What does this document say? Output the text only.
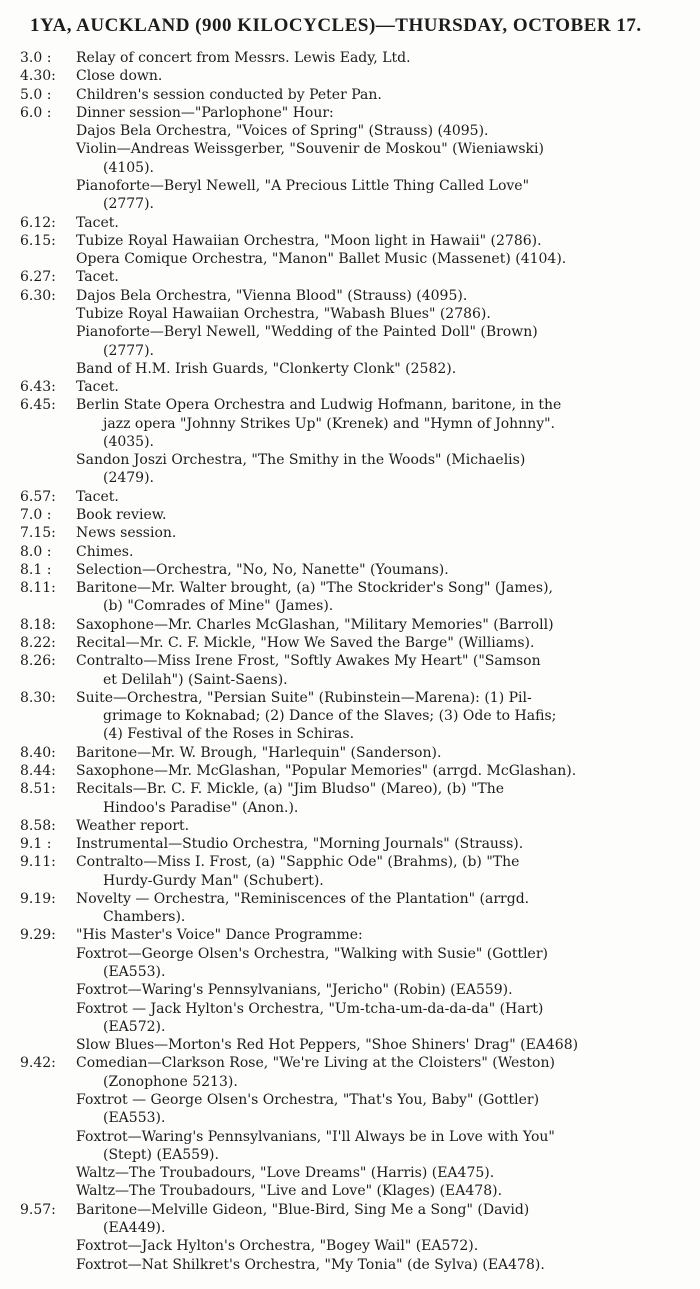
1YA, AUCKLAND (900 KILOCYCLES)—THURSDAY, OCTOBER 17.
3.0 :	Relay of concert from Messrs. Lewis Eady, Ltd.
4.30:	Close down.
5.0 :	Children's session conducted by Peter Pan.
6.0 :	Dinner session—"Parlophone" Hour:
Dajos Bela Orchestra, "Voices of Spring" (Strauss) (4095).
Violin—Andreas Weissgerber, "Souvenir de Moskou" (Wieniawski)
(4105).
Pianoforte—Beryl Newell, "A Precious Little Thing Called Love"
(2777).
6.12:	Tacet.
6.15:	Tubize Royal Hawaiian Orchestra, "Moon light in Hawaii" (2786).
Opera Comique Orchestra, "Manon" Ballet Music (Massenet) (4104).
6.27:	Tacet.
6.30:	Dajos Bela Orchestra, "Vienna Blood" (Strauss) (4095).
Tubize Royal Hawaiian Orchestra, "Wabash Blues" (2786).
Pianoforte—Beryl Newell, "Wedding of the Painted Doll" (Brown)
(2777).
Band of H.M. Irish Guards, "Clonkerty Clonk" (2582).
6.43:	Tacet.
6.45:	Berlin State Opera Orchestra and Ludwig Hofmann, baritone, in the
jazz opera "Johnny Strikes Up" (Krenek) and "Hymn of Johnny".
(4035).
Sandon Joszi Orchestra, "The Smithy in the Woods" (Michaelis)
(2479).
6.57:	Tacet.
7.0 :	Book review.
7.15:	News session.
8.0 :	Chimes.
8.1 :	Selection—Orchestra, "No, No, Nanette" (Youmans).
8.11:	Baritone—Mr. Walter brought, (a) "The Stockrider's Song" (James),
(b) "Comrades of Mine" (James).
8.18:	Saxophone—Mr. Charles McGlashan, "Military Memories" (Barroll)
8.22:	Recital—Mr. C. F. Mickle, "How We Saved the Barge" (Williams).
8.26:	Contralto—Miss Irene Frost, "Softly Awakes My Heart" ("Samson
et Delilah") (Saint-Saens).
8.30:	Suite—Orchestra, "Persian Suite" (Rubinstein—Marena): (1) Pil-
grimage to Koknabad; (2) Dance of the Slaves; (3) Ode to Hafis;
(4) Festival of the Roses in Schiras.
8.40:	Baritone—Mr. W. Brough, "Harlequin" (Sanderson).
8.44:	Saxophone—Mr. McGlashan, "Popular Memories" (arrgd. McGlashan).
8.51:	Recitals—Br. C. F. Mickle, (a) "Jim Bludso" (Mareo), (b) "The
Hindoo's Paradise" (Anon.).
8.58:	Weather report.
9.1 :	Instrumental—Studio Orchestra, "Morning Journals" (Strauss).
9.11:	Contralto—Miss I. Frost, (a) "Sapphic Ode" (Brahms), (b) "The
Hurdy-Gurdy Man" (Schubert).
9.19:	Novelty — Orchestra, "Reminiscences of the Plantation" (arrgd.
Chambers).
9.29:	"His Master's Voice" Dance Programme:
Foxtrot—George Olsen's Orchestra, "Walking with Susie" (Gottler)
(EA553).
Foxtrot—Waring's Pennsylvanians, "Jericho" (Robin) (EA559).
Foxtrot — Jack Hylton's Orchestra, "Um-tcha-um-da-da-da" (Hart)
(EA572).
Slow Blues—Morton's Red Hot Peppers, "Shoe Shiners' Drag" (EA468)
9.42:	Comedian—Clarkson Rose, "We're Living at the Cloisters" (Weston)
(Zonophone 5213).
Foxtrot — George Olsen's Orchestra, "That's You, Baby" (Gottler)
(EA553).
Foxtrot—Waring's Pennsylvanians, "I'll Always be in Love with You"
(Stept) (EA559).
Waltz—The Troubadours, "Love Dreams" (Harris) (EA475).
Waltz—The Troubadours, "Live and Love" (Klages) (EA478).
9.57:	Baritone—Melville Gideon, "Blue-Bird, Sing Me a Song" (David)
(EA449).
Foxtrot—Jack Hylton's Orchestra, "Bogey Wail" (EA572).
Foxtrot—Nat Shilkret's Orchestra, "My Tonia" (de Sylva) (EA478).
